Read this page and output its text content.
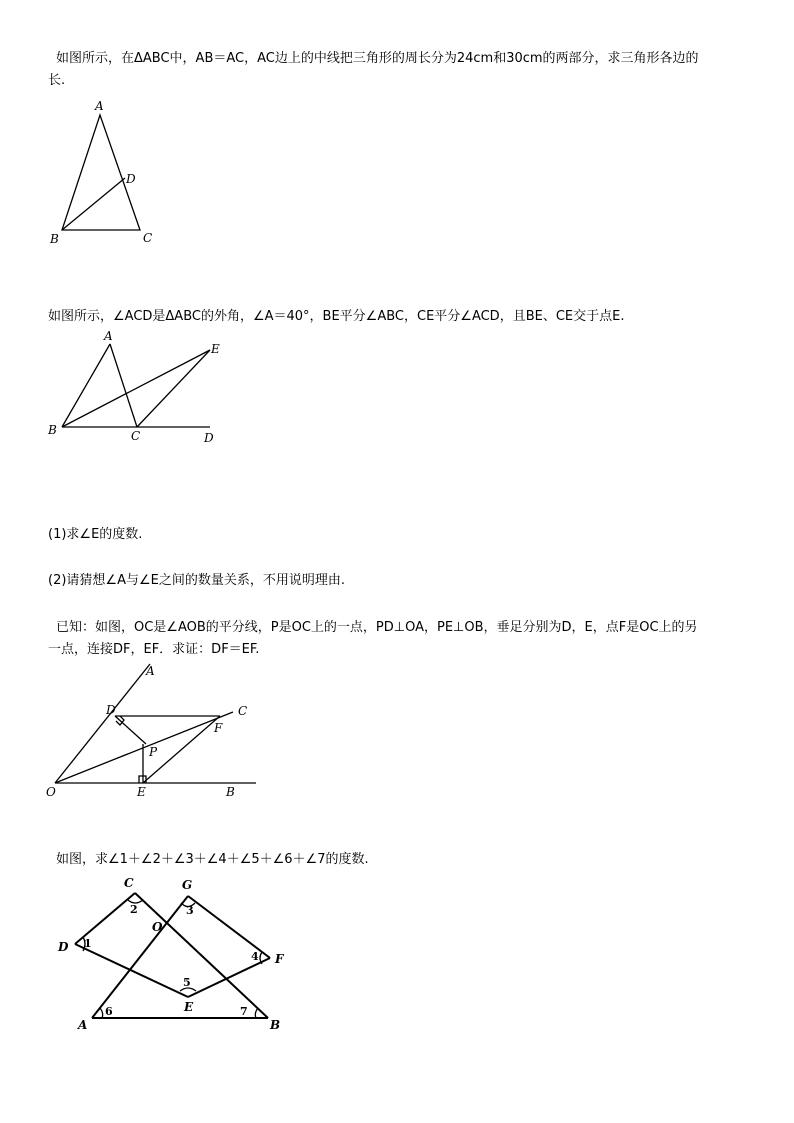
如图所示，在ΔABC中，AB＝AC，AC边上的中线把三角形的周长分为24cm和30cm的两部分，求三角形各边的
长.
A
B	C
D
如图所示，∠ACD是ΔABC的外角，∠A＝40°，BE平分∠ABC，CE平分∠ACD，且BE、CE交于点E.
A
B	C	D
E
(1)求∠E的度数.
(2)请猜想∠A与∠E之间的数量关系，不用说明理由.
已知：如图，OC是∠AOB的平分线，P是OC上的一点，PD⊥OA，PE⊥OB，垂足分别为D，E，点F是OC上的另
一点，连接DF，EF．求证：DF＝EF.
A
B
C
D
E
F
O
P
如图，求∠1＋∠2＋∠3＋∠4＋∠5＋∠6＋∠7的度数.
A	B
C
D
E
F
G
O
1
2	3
4
5
6	7
